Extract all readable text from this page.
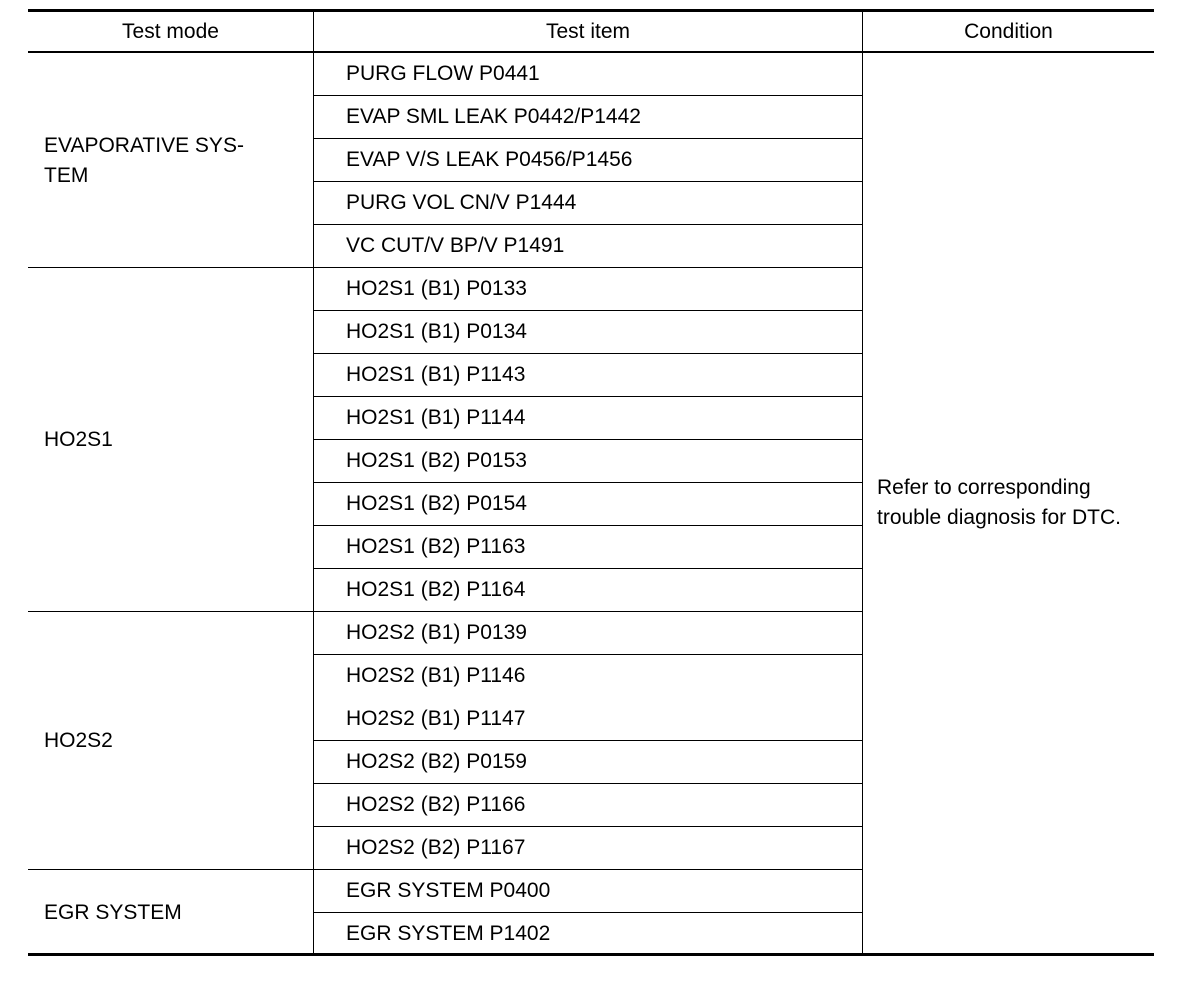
Test mode	Test item	Condition
EVAPORATIVE SYS-
TEM
PURG FLOW P0441
EVAP SML LEAK P0442/P1442
EVAP V/S LEAK P0456/P1456
PURG VOL CN/V P1444
VC CUT/V BP/V P1491
HO2S1
HO2S1 (B1) P0133
HO2S1 (B1) P0134
HO2S1 (B1) P1143
HO2S1 (B1) P1144
HO2S1 (B2) P0153
HO2S1 (B2) P0154
HO2S1 (B2) P1163
HO2S1 (B2) P1164
HO2S2
HO2S2 (B1) P0139
HO2S2 (B1) P1146
HO2S2 (B1) P1147
HO2S2 (B2) P0159
HO2S2 (B2) P1166
HO2S2 (B2) P1167
EGR SYSTEM
EGR SYSTEM P0400
EGR SYSTEM P1402
Refer to corresponding
trouble diagnosis for DTC.
